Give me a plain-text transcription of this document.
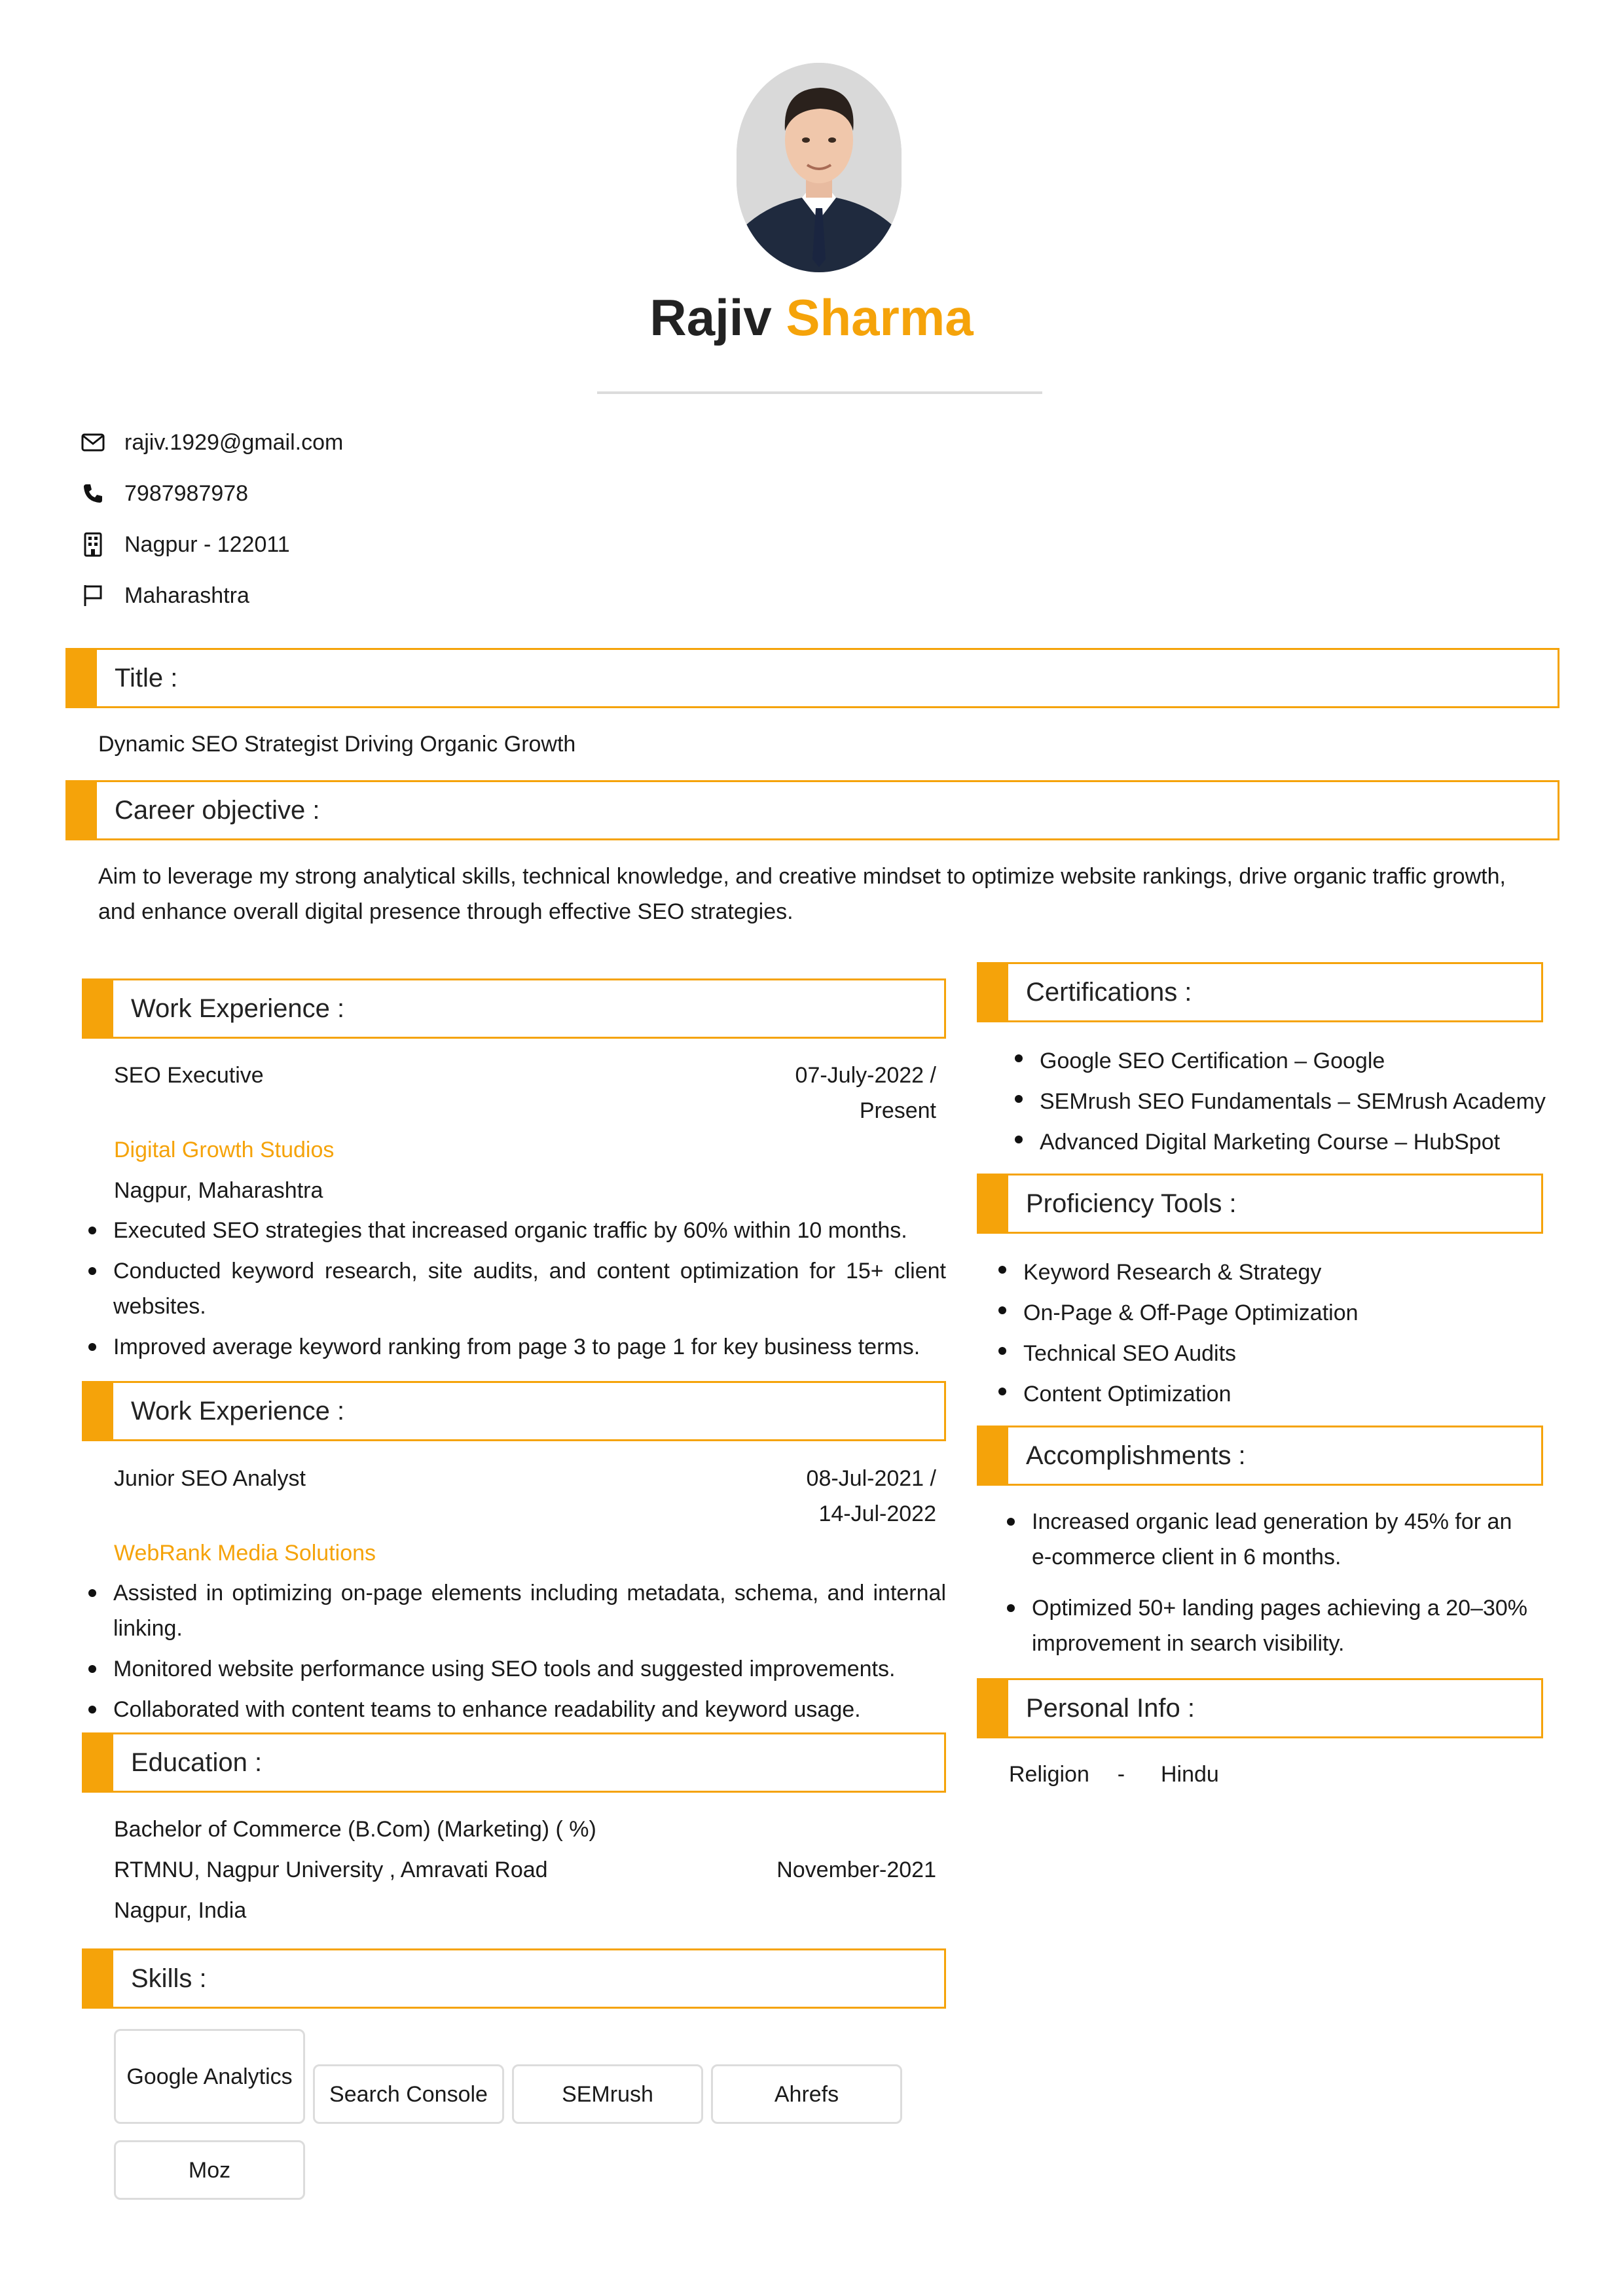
Rajiv Sharma
rajiv.1929@gmail.com
7987987978
Nagpur - 122011
Maharashtra
Title :
Dynamic SEO Strategist Driving Organic Growth
Career objective :
Aim to leverage my strong analytical skills, technical knowledge, and creative mindset to optimize website rankings, drive organic traffic growth, and enhance overall digital presence through effective SEO strategies.
Work Experience :
SEO Executive	07-July-2022 /
Present
Digital Growth Studios
Nagpur, Maharashtra
Executed SEO strategies that increased organic traffic by 60% within 10 months.
Conducted keyword research, site audits, and content optimization for 15+ client websites.
Improved average keyword ranking from page 3 to page 1 for key business terms.
Work Experience :
Junior SEO Analyst	08-Jul-2021 /
14-Jul-2022
WebRank Media Solutions
Assisted in optimizing on-page elements including metadata, schema, and internal linking.
Monitored website performance using SEO tools and suggested improvements.
Collaborated with content teams to enhance readability and keyword usage.
Education :
Bachelor of Commerce (B.Com) (Marketing) ( %)
RTMNU, Nagpur University , Amravati Road	November-2021
Nagpur, India
Skills :
Google Analytics
Search Console	SEMrush	Ahrefs
Moz
Certifications :
Google SEO Certification – Google
SEMrush SEO Fundamentals – SEMrush Academy
Advanced Digital Marketing Course – HubSpot
Proficiency Tools :
Keyword Research & Strategy
On-Page & Off-Page Optimization
Technical SEO Audits
Content Optimization
Accomplishments :
Increased organic lead generation by 45% for an e-commerce client in 6 months.
Optimized 50+ landing pages achieving a 20–30% improvement in search visibility.
Personal Info :
Religion - Hindu
